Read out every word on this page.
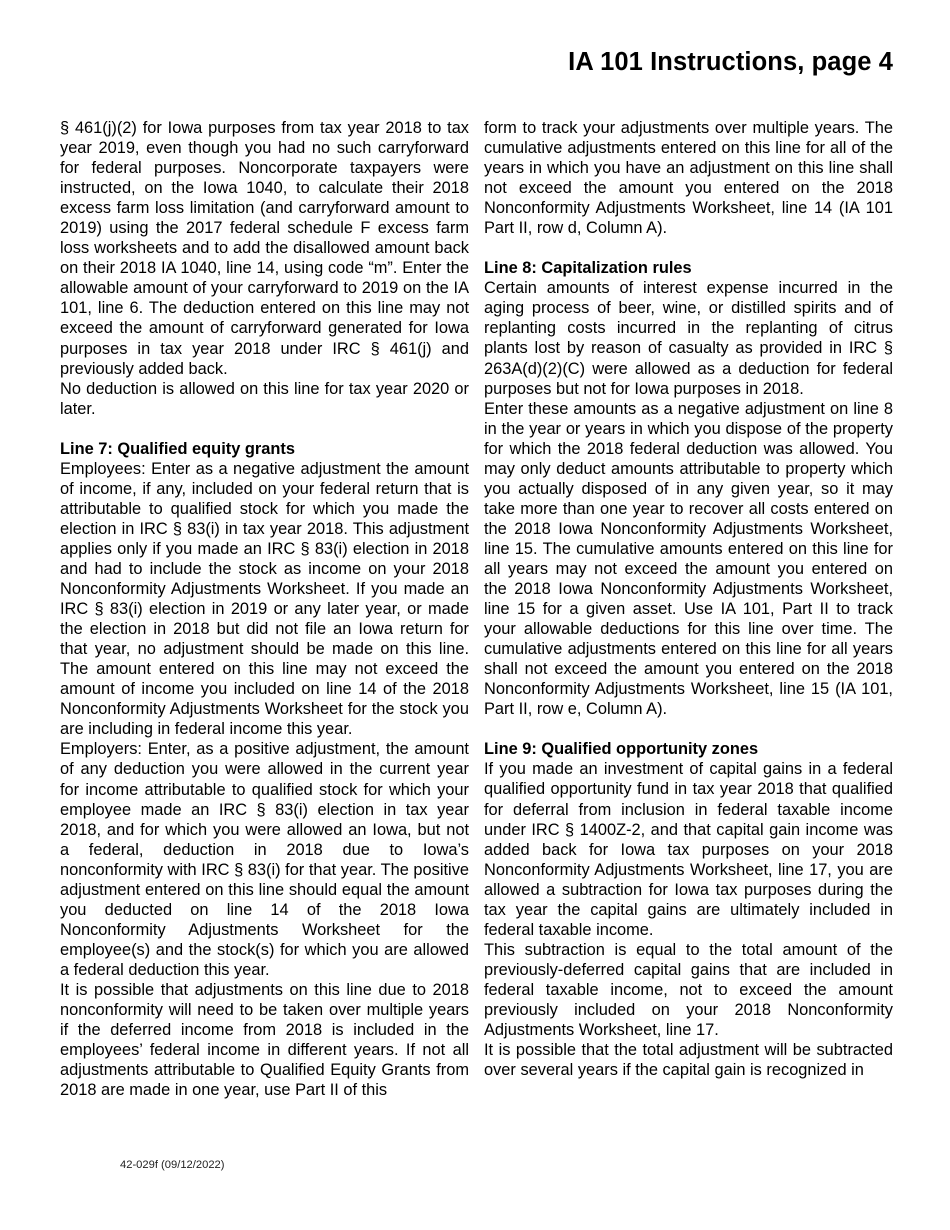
IA 101 Instructions, page 4

§ 461(j)(2) for Iowa purposes from tax year 2018 to tax year 2019, even though you had no such carryforward for federal purposes. Noncorporate taxpayers were instructed, on the Iowa 1040, to calculate their 2018 excess farm loss limitation (and carryforward amount to 2019) using the 2017 federal schedule F excess farm loss worksheets and to add the disallowed amount back on their 2018 IA 1040, line 14, using code “m”. Enter the allowable amount of your carryforward to 2019 on the IA 101, line 6. The deduction entered on this line may not exceed the amount of carryforward generated for Iowa purposes in tax year 2018 under IRC § 461(j) and previously added back.

No deduction is allowed on this line for tax year 2020 or later.

Line 7: Qualified equity grants

Employees: Enter as a negative adjustment the amount of income, if any, included on your federal return that is attributable to qualified stock for which you made the election in IRC § 83(i) in tax year 2018. This adjustment applies only if you made an IRC § 83(i) election in 2018 and had to include the stock as income on your 2018 Nonconformity Adjustments Worksheet. If you made an IRC § 83(i) election in 2019 or any later year, or made the election in 2018 but did not file an Iowa return for that year, no adjustment should be made on this line. The amount entered on this line may not exceed the amount of income you included on line 14 of the 2018 Nonconformity Adjustments Worksheet for the stock you are including in federal income this year.

Employers: Enter, as a positive adjustment, the amount of any deduction you were allowed in the current year for income attributable to qualified stock for which your employee made an IRC § 83(i) election in tax year 2018, and for which you were allowed an Iowa, but not a federal, deduction in 2018 due to Iowa’s nonconformity with IRC § 83(i) for that year. The positive adjustment entered on this line should equal the amount you deducted on line 14 of the 2018 Iowa Nonconformity Adjustments Worksheet for the employee(s) and the stock(s) for which you are allowed a federal deduction this year.

It is possible that adjustments on this line due to 2018 nonconformity will need to be taken over multiple years if the deferred income from 2018 is included in the employees’ federal income in different years. If not all adjustments attributable to Qualified Equity Grants from 2018 are made in one year, use Part II of this

form to track your adjustments over multiple years. The cumulative adjustments entered on this line for all of the years in which you have an adjustment on this line shall not exceed the amount you entered on the 2018 Nonconformity Adjustments Worksheet, line 14 (IA 101 Part II, row d, Column A).

Line 8: Capitalization rules

Certain amounts of interest expense incurred in the aging process of beer, wine, or distilled spirits and of replanting costs incurred in the replanting of citrus plants lost by reason of casualty as provided in IRC § 263A(d)(2)(C) were allowed as a deduction for federal purposes but not for Iowa purposes in 2018.

Enter these amounts as a negative adjustment on line 8 in the year or years in which you dispose of the property for which the 2018 federal deduction was allowed. You may only deduct amounts attributable to property which you actually disposed of in any given year, so it may take more than one year to recover all costs entered on the 2018 Iowa Nonconformity Adjustments Worksheet, line 15. The cumulative amounts entered on this line for all years may not exceed the amount you entered on the 2018 Iowa Nonconformity Adjustments Worksheet, line 15 for a given asset. Use IA 101, Part II to track your allowable deductions for this line over time. The cumulative adjustments entered on this line for all years shall not exceed the amount you entered on the 2018 Nonconformity Adjustments Worksheet, line 15 (IA 101, Part II, row e, Column A).

Line 9: Qualified opportunity zones

If you made an investment of capital gains in a federal qualified opportunity fund in tax year 2018 that qualified for deferral from inclusion in federal taxable income under IRC § 1400Z-2, and that capital gain income was added back for Iowa tax purposes on your 2018 Nonconformity Adjustments Worksheet, line 17, you are allowed a subtraction for Iowa tax purposes during the tax year the capital gains are ultimately included in federal taxable income.

This subtraction is equal to the total amount of the previously-deferred capital gains that are included in federal taxable income, not to exceed the amount previously included on your 2018 Nonconformity Adjustments Worksheet, line 17.

It is possible that the total adjustment will be subtracted over several years if the capital gain is recognized in

42-029f (09/12/2022)
